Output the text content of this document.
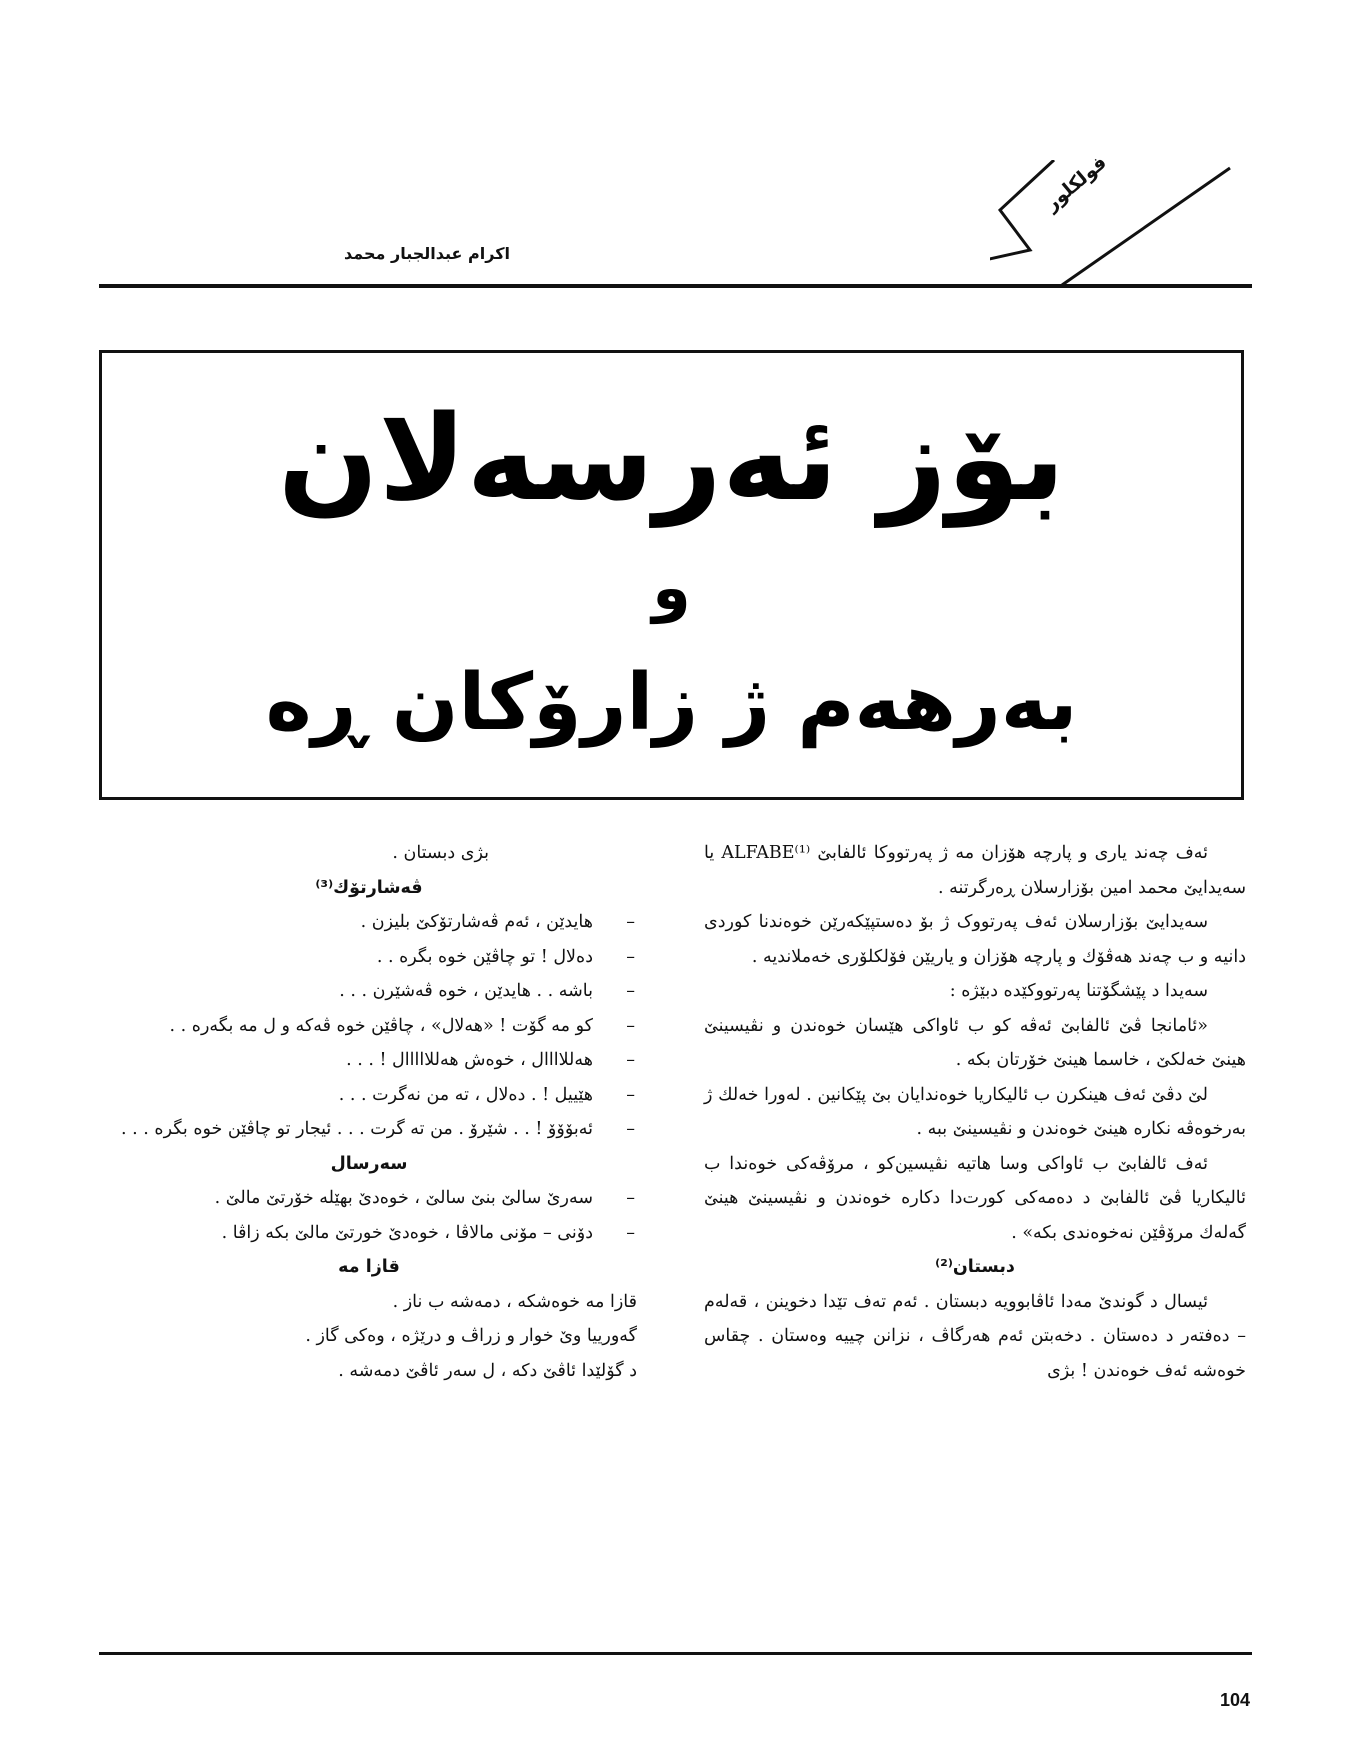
فولكلور
اكرام عبدالجبار محمد
بۆز ئەرسەلان
و
بەرهەم ژ زارۆكان ڕە

ئەف چەند یاری و پارچە هۆزان مە ژ پەرتووکا ئالفابێ ALFABE⁽¹⁾ یا سەیدایێ محمد امین بۆزارسلان ڕەرگرتنە .

سەیدایێ بۆزارسلان ئەف پەرتووک ژ بۆ دەستپێکەرێن خوەندنا کوردی دانیە و ب چەند هەڤۆك و پارچە هۆزان و یاریێن فۆلکلۆری خەملاندیە .

سەیدا د پێشگۆتنا پەرتووکێدە دبێژە :

«ئامانجا ڤێ ئالفابێ ئەڤە کو ب ئاواکی هێسان خوەندن و نڤیسینێ هینێ خەلکێ ، خاسما هینێ خۆرتان بکە .

لێ دڤێ ئەف هینکرن ب ئالیکاریا خوەندایان بێ پێکانین . لەورا خەلك ژ بەرخوەڤە نکارە هینێ خوەندن و نڤیسینێ ببە .

ئەف ئالفابێ ب ئاواکی وسا هاتیە نڤیسین‌کو ، مرۆڤەکی خوەندا ب ئالیکاریا ڤێ ئالفابێ د دەمەکی کورت‌دا دکارە خوەندن و نڤیسینێ هینێ گەلەك مرۆڤێن نەخوەندی بکە» .

دبستان⁽²⁾

ئیسال د گوندێ مەدا ئاڤابوویە دبستان . ئەم تەف تێدا دخوینن ، قەلەم – دەفتەر د دەستان . دخەبتن ئەم هەرگاڤ ، نزانن چییە وەستان . چقاس خوەشە ئەف خوەندن ! بژی

بژی دبستان .

ڤەشارتۆك⁽³⁾

– هایدێن ، ئەم ڤەشارتۆکێ بلیزن .

– دەلال ! تو چاڤێن خوە بگرە . .

– باشە . . هایدێن ، خوە ڤەشێرن . . .

– کو مە گۆت ! «هەلال» ، چاڤێن خوە ڤەکە و ل مە بگەرە . .

– هەللاااال ، خوەش هەللااااال ! . . .

– هێییل ! . دەلال ، تە من نەگرت . . .

– ئەبۆۆۆ ! . . شێرۆ . من تە گرت . . . ئیجار تو چاڤێن خوە بگرە . . .

سەرسال

– سەرێ سالێ بنێ سالێ ، خوەدێ بهێلە خۆرتێ مالێ .

– دۆنی – مۆنی مالاڤا ، خوەدێ خورتێ مالێ بکە زاڤا .

قازا مە

قازا مە خوەشکە ، دمەشە ب ناز .

گەورییا وێ خوار و زراڤ و درێژە ، وەکی گاز .

د گۆلێدا ئاڤێ دکە ، ل سەر ئاڤێ دمەشە .

104
